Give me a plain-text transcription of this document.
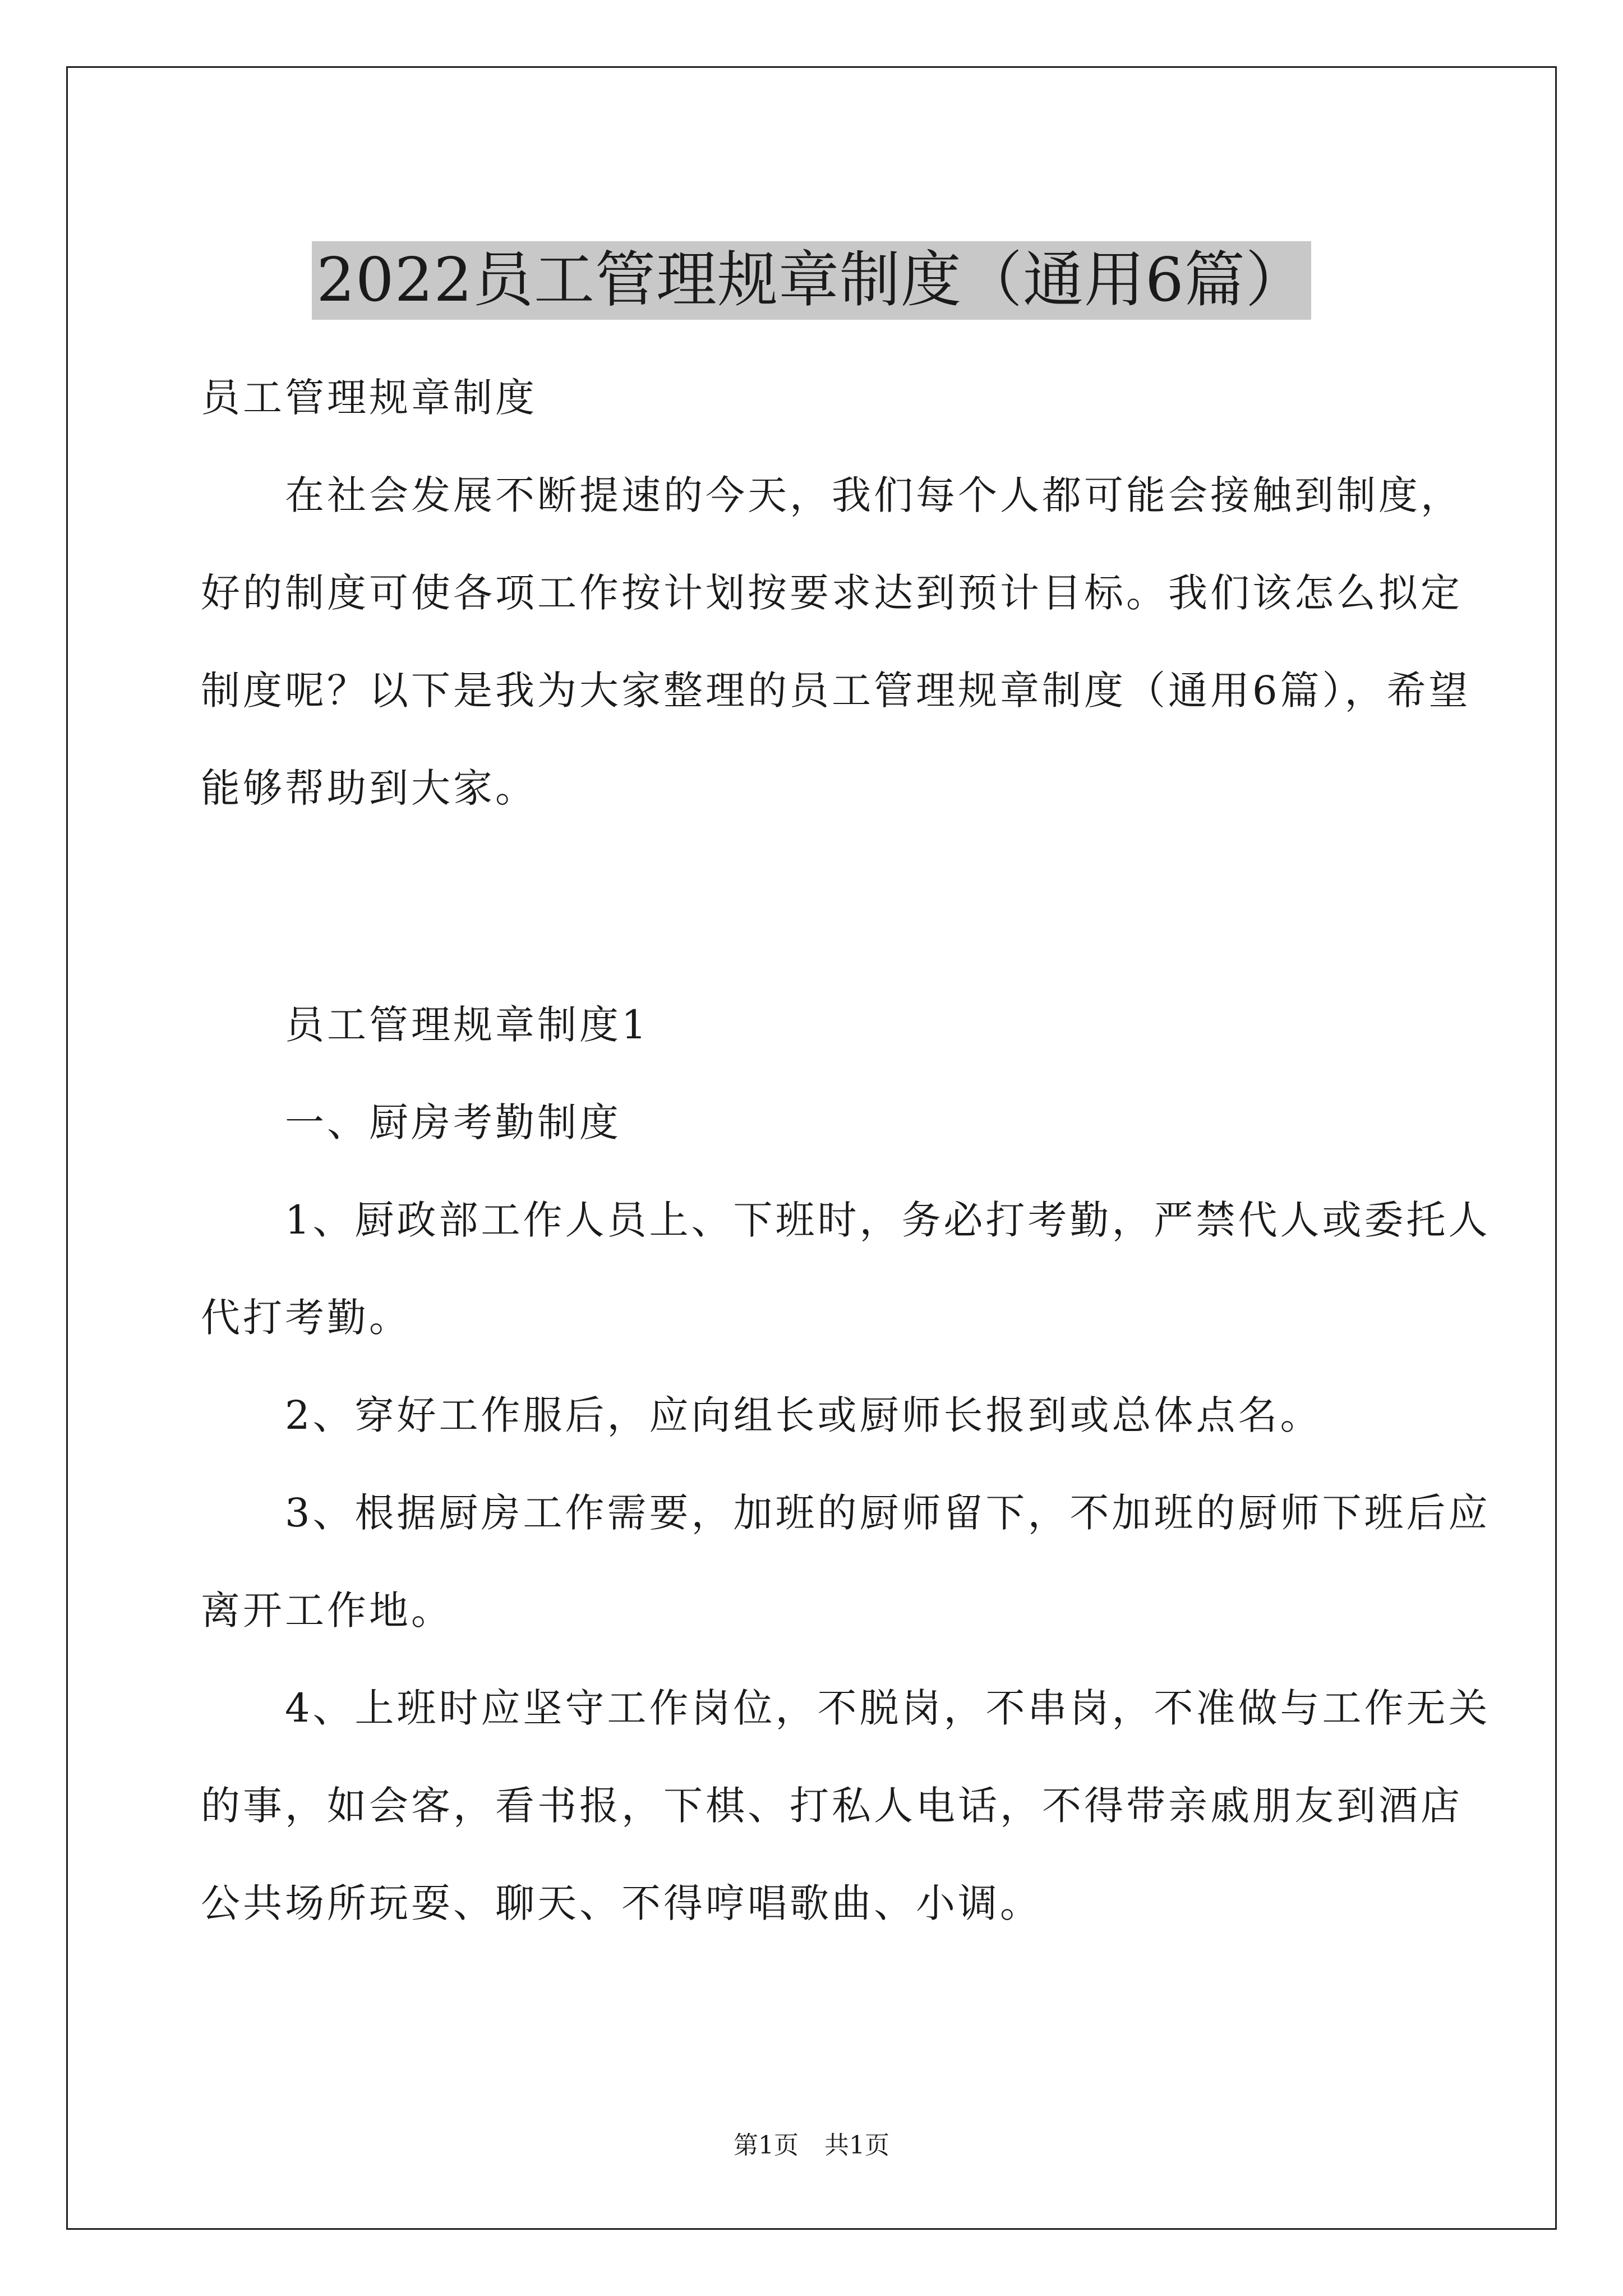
2022员工管理规章制度（通用6篇）

员工管理规章制度

　　在社会发展不断提速的今天，我们每个人都可能会接触到制度，

好的制度可使各项工作按计划按要求达到预计目标。我们该怎么拟定

制度呢？以下是我为大家整理的员工管理规章制度（通用6篇），希望

能够帮助到大家。

　　员工管理规章制度1

　　一、厨房考勤制度

　　1、厨政部工作人员上、下班时，务必打考勤，严禁代人或委托人

代打考勤。

　　2、穿好工作服后，应向组长或厨师长报到或总体点名。

　　3、根据厨房工作需要，加班的厨师留下，不加班的厨师下班后应

离开工作地。

　　4、上班时应坚守工作岗位，不脱岗，不串岗，不准做与工作无关

的事，如会客，看书报，下棋、打私人电话，不得带亲戚朋友到酒店

公共场所玩耍、聊天、不得哼唱歌曲、小调。

第1页 共1页
